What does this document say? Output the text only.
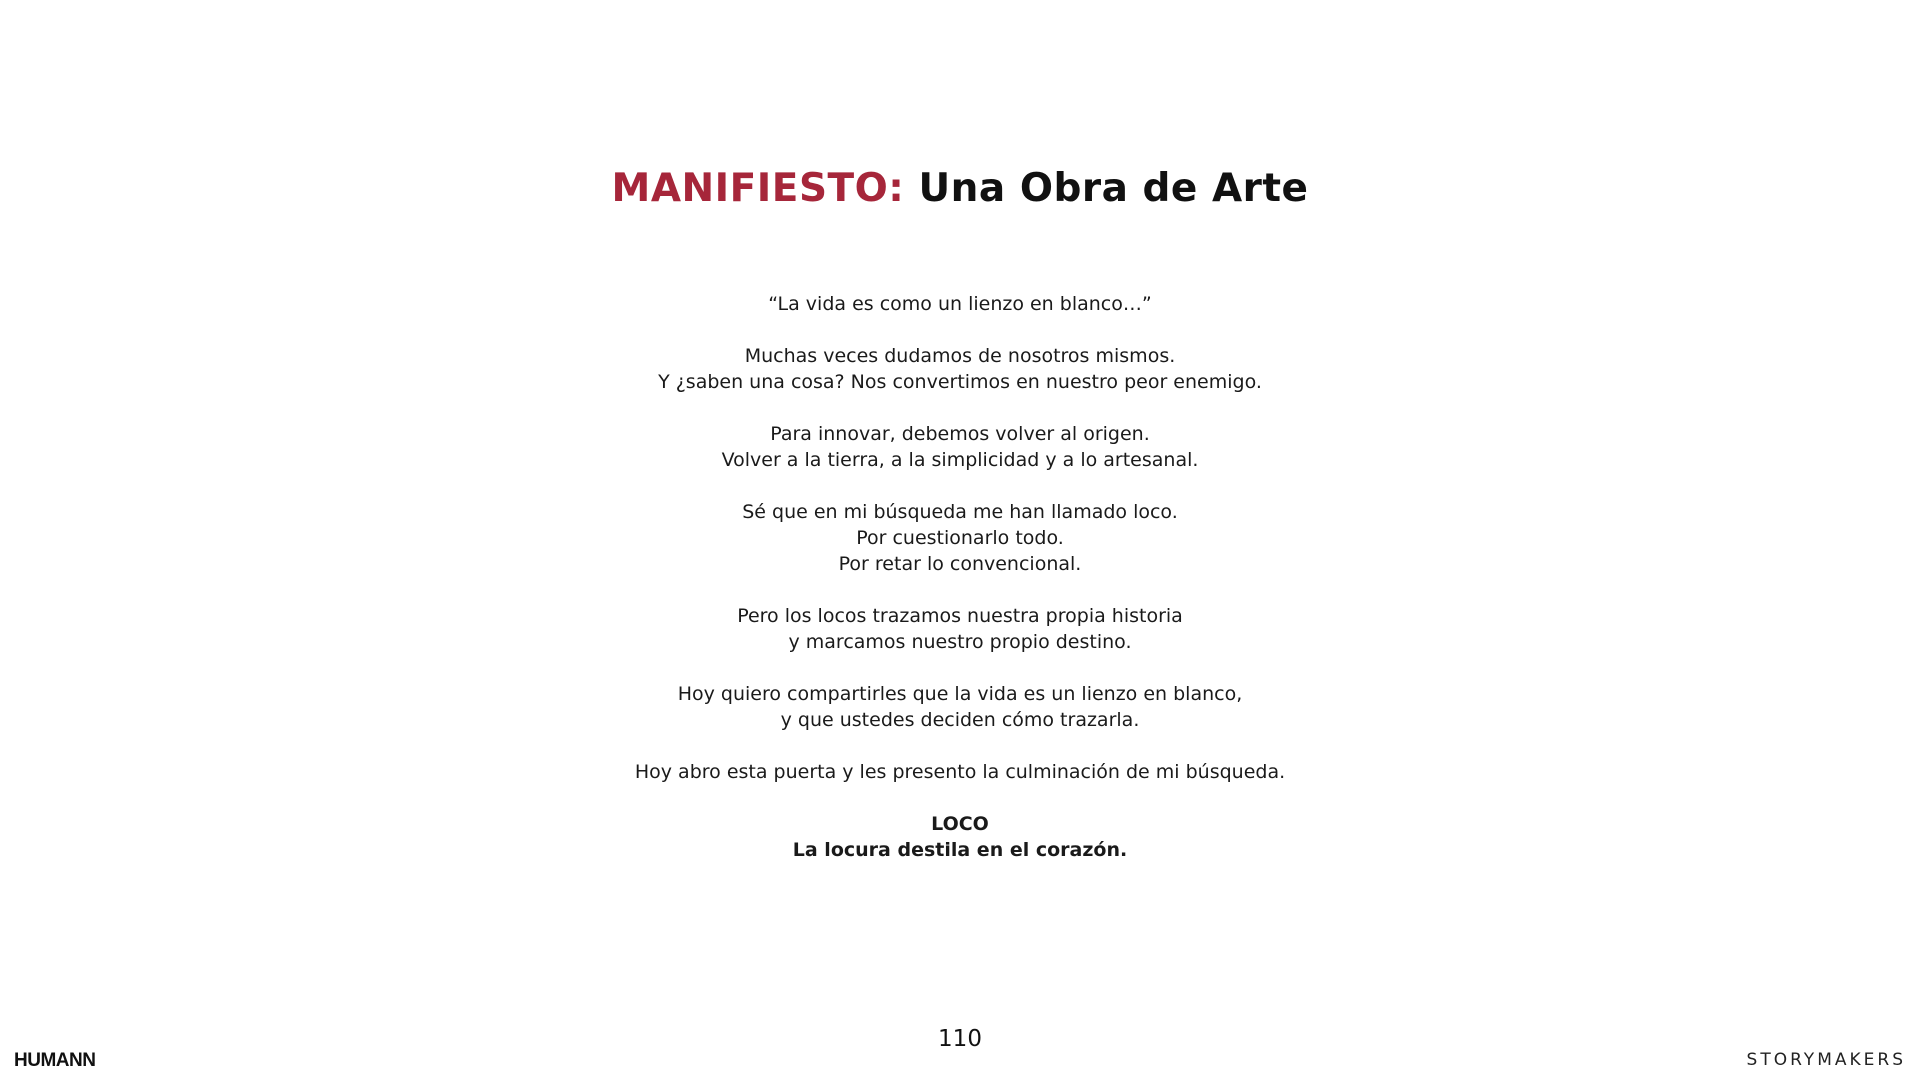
MANIFIESTO: Una Obra de Arte
“La vida es como un lienzo en blanco…”
Muchas veces dudamos de nosotros mismos.
Y ¿saben una cosa? Nos convertimos en nuestro peor enemigo.
Para innovar, debemos volver al origen.
Volver a la tierra, a la simplicidad y a lo artesanal.
Sé que en mi búsqueda me han llamado loco.
Por cuestionarlo todo.
Por retar lo convencional.
Pero los locos trazamos nuestra propia historia
y marcamos nuestro propio destino.
Hoy quiero compartirles que la vida es un lienzo en blanco,
y que ustedes deciden cómo trazarla.
Hoy abro esta puerta y les presento la culminación de mi búsqueda.
LOCO
La locura destila en el corazón.
110
HUMANN	STORYMAKERS
